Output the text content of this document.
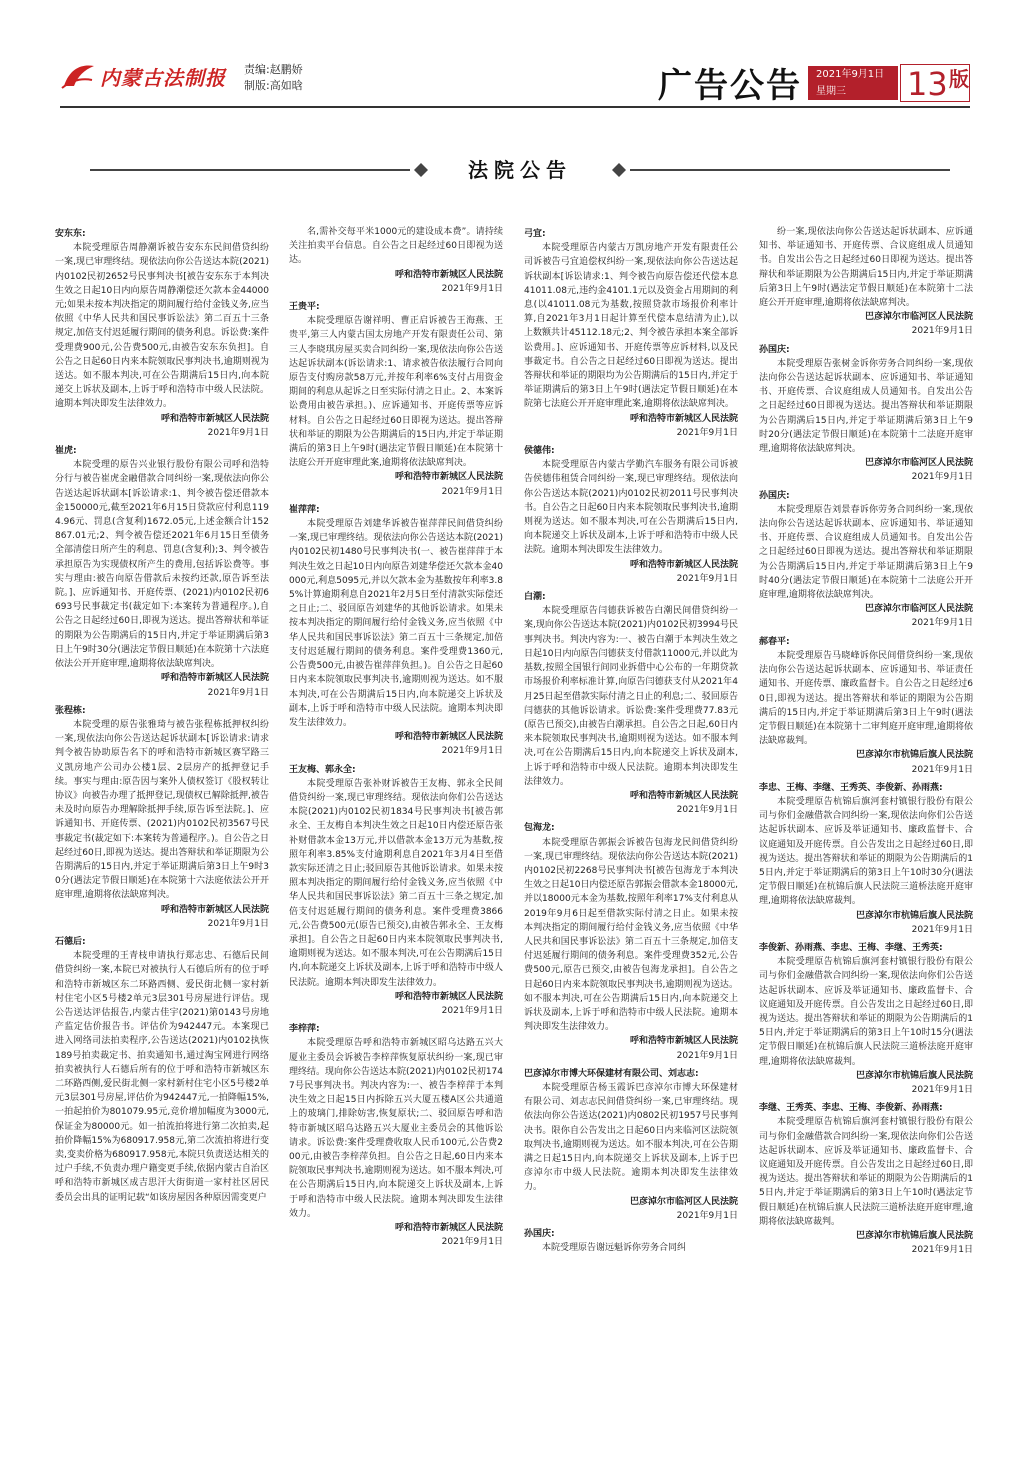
内蒙古法制报 责编:赵鹏娇
制版:高如晗	广告公告 2021年9月1日
星期三	13 版
法院公告
安东东:

本院受理原告周静潮诉被告安东东民间借贷纠纷一案,现已审理终结。现依法向你公告送达本院(2021)内0102民初2652号民事判决书[被告安东东于本判决生效之日起10日内向原告周静潮偿还欠款本金44000元;如果未按本判决指定的期间履行给付金钱义务,应当依照《中华人民共和国民事诉讼法》第二百五十三条规定,加倍支付迟延履行期间的债务利息。诉讼费:案件受理费900元,公告费500元,由被告安东东负担]。自公告之日起60日内来本院领取民事判决书,逾期则视为送达。如不服本判决,可在公告期满后15日内,向本院递交上诉状及副本,上诉于呼和浩特市中级人民法院。逾期本判决即发生法律效力。

呼和浩特市新城区人民法院
2021年9月1日
崔虎:

本院受理的原告兴业银行股份有限公司呼和浩特分行与被告崔虎金融借款合同纠纷一案,现依法向你公告送达起诉状副本[诉讼请求:1、判令被告偿还借款本金150000元,截至2021年6月15日贷款应付利息1194.96元、罚息(含复利)1672.05元,上述金额合计152867.01元;2、判令被告偿还2021年6月15日至债务全部清偿日所产生的利息、罚息(含复利);3、判令被告承担原告为实现债权所产生的费用,包括诉讼费等。事实与理由:被告向原告借款后未按约还款,原告诉至法院。]、应诉通知书、开庭传票、(2021)内0102民初6693号民事裁定书(裁定如下:本案转为普通程序。),自公告之日起经过60日,即视为送达。提出答辩状和举证的期限为公告期满后的15日内,并定于举证期满后第3日上午9时30分(遇法定节假日顺延)在本院第十六法庭依法公开开庭审理,逾期将依法缺席判决。

呼和浩特市新城区人民法院
2021年9月1日
张程栋:

本院受理的原告张雅琦与被告张程栋抵押权纠纷一案,现依法向你公告送达起诉状副本[诉讼请求:请求判令被告协助原告名下的呼和浩特市新城区赛罕路三义凯房地产公司办公楼1层、2层房产的抵押登记手续。事实与理由:原告因与案外人债权签订《股权转让协议》向被告办理了抵押登记,现债权已解除抵押,被告未及时向原告办理解除抵押手续,原告诉至法院。]、应诉通知书、开庭传票、(2021)内0102民初3567号民事裁定书(裁定如下:本案转为普通程序。)。自公告之日起经过60日,即视为送达。提出答辩状和举证期限为公告期满后的15日内,并定于举证期满后第3日上午9时30分(遇法定节假日顺延)在本院第十六法庭依法公开开庭审理,逾期将依法缺席判决。

呼和浩特市新城区人民法院
2021年9月1日
石德后:

本院受理的王青枝申请执行郑志忠、石德后民间借贷纠纷一案,本院已对被执行人石德后所有的位于呼和浩特市新城区东二环路西侧、爱民街北侧一家村新村住宅小区5号楼2单元3层301号房屋进行评估。现公告送达评估报告,内蒙古佳宇(2021)第0143号房地产监定估价报告书。评估价为942447元。本案现已进入网络司法拍卖程序,公告送达(2021)内0102执恢189号拍卖裁定书、拍卖通知书,通过淘宝网进行网络拍卖被执行人石德后所有的位于呼和浩特市新城区东二环路西侧,爱民街北侧一家村新村住宅小区5号楼2单元3层301号房屋,评估价为942447元,一拍降幅15%,一拍起拍价为801079.95元,竞价增加幅度为3000元,保证金为80000元。如一拍流拍将进行第二次拍卖,起拍价降幅15%为680917.958元,第二次流拍将进行变卖,变卖价格为680917.958元,本院只负责送达相关的过户手续,不负责办理户籍变更手续,依据内蒙古自治区呼和浩特市新城区成吉思汗大街街道一家村社区居民委员会出具的证明记载“如该房屋因各种原因需变更户

名,需补交每平米1000元的建设成本费”。请持续关注拍卖平台信息。自公告之日起经过60日即视为送达。

呼和浩特市新城区人民法院
2021年9月1日
王贵平:

本院受理原告谢祥明、曹正启诉被告王海燕、王贵平,第三人内蒙古国太房地产开发有限责任公司、第三人李晓琪房屋买卖合同纠纷一案,现依法向你公告送达起诉状副本(诉讼请求:1、请求被告依法履行合同向原告支付购房款58万元,并按年利率6%支付占用资金期间的利息从起诉之日至实际付清之日止。2、本案诉讼费用由被告承担。)、应诉通知书、开庭传票等应诉材料。自公告之日起经过60日即视为送达。提出答辩状和举证的期限为公告期满后的15日内,并定于举证期满后的第3日上午9时(遇法定节假日顺延)在本院第十法庭公开开庭审理此案,逾期将依法缺席判决。

呼和浩特市新城区人民法院
2021年9月1日
崔萍萍:

本院受理原告刘建华诉被告崔萍萍民间借贷纠纷一案,现已审理终结。现依法向你公告送达本院(2021)内0102民初1480号民事判决书(一、被告崔萍萍于本判决生效之日起10日内向原告刘建华偿还欠款本金40000元,利息5095元,并以欠款本金为基数按年利率3.85%计算逾期利息自2021年2月5日至付清款实际偿还之日止;二、驳回原告刘建华的其他诉讼请求。如果未按本判决指定的期间履行给付金钱义务,应当依照《中华人民共和国民事诉讼法》第二百五十三条规定,加倍支付迟延履行期间的债务利息。案件受理费1360元,公告费500元,由被告崔萍萍负担。)。自公告之日起60日内来本院领取民事判决书,逾期则视为送达。如不服本判决,可在公告期满后15日内,向本院递交上诉状及副本,上诉于呼和浩特市中级人民法院。逾期本判决即发生法律效力。

呼和浩特市新城区人民法院
2021年9月1日
王友梅、郭永全:

本院受理原告张补财诉被告王友梅、郭永全民间借贷纠纷一案,现已审理终结。现依法向你们公告送达本院(2021)内0102民初1834号民事判决书[被告郭永全、王友梅自本判决生效之日起10日内偿还原告张补财借款本金13万元,并以借款本金13万元为基数,按照年利率3.85%支付逾期利息自2021年3月4日至借款实际还清之日止;驳回原告其他诉讼请求。如果未按照本判决指定的期间履行给付金钱义务,应当依照《中华人民共和国民事诉讼法》第二百五十三条之规定,加倍支付迟延履行期间的债务利息。案件受理费3866元,公告费500元(原告已预交),由被告郭永全、王友梅承担]。自公告之日起60日内来本院领取民事判决书,逾期则视为送达。如不服本判决,可在公告期满后15日内,向本院递交上诉状及副本,上诉于呼和浩特市中级人民法院。逾期本判决即发生法律效力。

呼和浩特市新城区人民法院
2021年9月1日
李梓萍:

本院受理原告呼和浩特市新城区昭乌达路五兴大厦业主委员会诉被告李梓萍恢复原状纠纷一案,现已审理终结。现向你公告送达本院(2021)内0102民初1747号民事判决书。判决内容为:一、被告李梓萍于本判决生效之日起15日内拆除五兴大厦五楼A区公共通道上的玻璃门,排除妨害,恢复原状;二、驳回原告呼和浩特市新城区昭乌达路五兴大厦业主委员会的其他诉讼请求。诉讼费:案件受理费收取人民币100元,公告费200元,由被告李梓萍负担。自公告之日起,60日内来本院领取民事判决书,逾期则视为送达。如不服本判决,可在公告期满后15日内,向本院递交上诉状及副本,上诉于呼和浩特市中级人民法院。逾期本判决即发生法律效力。

呼和浩特市新城区人民法院
2021年9月1日
弓宜:

本院受理原告内蒙古万凯房地产开发有限责任公司诉被告弓宜追偿权纠纷一案,现依法向你公告送达起诉状副本[诉讼请求:1、判令被告向原告偿还代偿本息41011.08元,违约金4101.1元以及资金占用期间的利息(以41011.08元为基数,按照贷款市场报价利率计算,自2021年3月1日起计算至代偿本息结清为止),以上数额共计45112.18元;2、判令被告承担本案全部诉讼费用。]、应诉通知书、开庭传票等应诉材料,以及民事裁定书。自公告之日起经过60日即视为送达。提出答辩状和举证的期限均为公告期满后的15日内,并定于举证期满后的第3日上午9时(遇法定节假日顺延)在本院第七法庭公开开庭审理此案,逾期将依法缺席判决。

呼和浩特市新城区人民法院
2021年9月1日
侯德伟:

本院受理原告内蒙古学勤汽车服务有限公司诉被告侯德伟租赁合同纠纷一案,现已审理终结。现依法向你公告送达本院(2021)内0102民初2011号民事判决书。自公告之日起60日内来本院领取民事判决书,逾期则视为送达。如不服本判决,可在公告期满后15日内,向本院递交上诉状及副本,上诉于呼和浩特市中级人民法院。逾期本判决即发生法律效力。

呼和浩特市新城区人民法院
2021年9月1日
白潮:

本院受理原告闫德获诉被告白潮民间借贷纠纷一案,现向你公告送达本院(2021)内0102民初3994号民事判决书。判决内容为:一、被告白潮于本判决生效之日起10日内向原告闫德获支付借款11000元,并以此为基数,按照全国银行间同业拆借中心公布的一年期贷款市场报价利率标准计算,向原告闫德获支付从2021年4月25日起至借款实际付清之日止的利息;二、驳回原告闫德获的其他诉讼请求。诉讼费:案件受理费77.83元(原告已预交),由被告白潮承担。自公告之日起,60日内来本院领取民事判决书,逾期则视为送达。如不服本判决,可在公告期满后15日内,向本院递交上诉状及副本,上诉于呼和浩特市中级人民法院。逾期本判决即发生法律效力。

呼和浩特市新城区人民法院
2021年9月1日
包海龙:

本院受理原告郭振会诉被告包海龙民间借贷纠纷一案,现已审理终结。现依法向你公告送达本院(2021)内0102民初2268号民事判决书[被告包海龙于本判决生效之日起10日内偿还原告郭振会借款本金18000元,并以18000元本金为基数,按照年利率17%支付利息从2019年9月6日起至借款实际付清之日止。如果未按本判决指定的期间履行给付金钱义务,应当依照《中华人民共和国民事诉讼法》第二百五十三条规定,加倍支付迟延履行期间的债务利息。案件受理费352元,公告费500元,原告已预交,由被告包海龙承担]。自公告之日起60日内来本院领取民事判决书,逾期则视为送达。如不服本判决,可在公告期满后15日内,向本院递交上诉状及副本,上诉于呼和浩特市中级人民法院。逾期本判决即发生法律效力。

呼和浩特市新城区人民法院
2021年9月1日
巴彦淖尔市博大环保建材有限公司、刘志志:

本院受理原告杨玉霞诉巴彦淖尔市博大环保建材有限公司、刘志志民间借贷纠纷一案,已审理终结。现依法向你公告送达(2021)内0802民初1957号民事判决书。限你自公告发出之日起60日内来临河区法院领取判决书,逾期则视为送达。如不服本判决,可在公告期满之日起15日内,向本院递交上诉状及副本,上诉于巴彦淖尔市中级人民法院。逾期本判决即发生法律效力。

巴彦淖尔市临河区人民法院
2021年9月1日
孙国庆:

本院受理原告谢远魁诉你劳务合同纠

纷一案,现依法向你公告送达起诉状副本、应诉通知书、举证通知书、开庭传票、合议庭组成人员通知书。自发出公告之日起经过60日即视为送达。提出答辩状和举证期限为公告期满后15日内,并定于举证期满后第3日上午9时(遇法定节假日顺延)在本院第十二法庭公开开庭审理,逾期将依法缺席判决。

巴彦淖尔市临河区人民法院
2021年9月1日
孙国庆:

本院受理原告张树金诉你劳务合同纠纷一案,现依法向你公告送达起诉状副本、应诉通知书、举证通知书、开庭传票、合议庭组成人员通知书。自发出公告之日起经过60日即视为送达。提出答辩状和举证期限为公告期满后15日内,并定于举证期满后第3日上午9时20分(遇法定节假日顺延)在本院第十二法庭开庭审理,逾期将依法缺席判决。

巴彦淖尔市临河区人民法院
2021年9月1日
孙国庆:

本院受理原告刘景春诉你劳务合同纠纷一案,现依法向你公告送达起诉状副本、应诉通知书、举证通知书、开庭传票、合议庭组成人员通知书。自发出公告之日起经过60日即视为送达。提出答辩状和举证期限为公告期满后15日内,并定于举证期满后第3日上午9时40分(遇法定节假日顺延)在本院第十二法庭公开开庭审理,逾期将依法缺席判决。

巴彦淖尔市临河区人民法院
2021年9月1日
郝春平:

本院受理原告马晓峰诉你民间借贷纠纷一案,现依法向你公告送达起诉状副本、应诉通知书、举证责任通知书、开庭传票、廉政监督卡。自公告之日起经过60日,即视为送达。提出答辩状和举证的期限为公告期满后的15日内,并定于举证期满后第3日上午9时(遇法定节假日顺延)在本院第十二审判庭开庭审理,逾期将依法缺席裁判。

巴彦淖尔市杭锦后旗人民法院
2021年9月1日
李忠、王梅、李继、王秀英、李俊新、孙雨燕:

本院受理原告杭锦后旗河套村镇银行股份有限公司与你们金融借款合同纠纷一案,现依法向你们公告送达起诉状副本、应诉及举证通知书、廉政监督卡、合议庭通知及开庭传票。自公告发出之日起经过60日,即视为送达。提出答辩状和举证的期限为公告期满后的15日内,并定于举证期满后的第3日上午10时30分(遇法定节假日顺延)在杭锦后旗人民法院三道桥法庭开庭审理,逾期将依法缺席裁判。

巴彦淖尔市杭锦后旗人民法院
2021年9月1日
李俊新、孙雨燕、李忠、王梅、李继、王秀英:

本院受理原告杭锦后旗河套村镇银行股份有限公司与你们金融借款合同纠纷一案,现依法向你们公告送达起诉状副本、应诉及举证通知书、廉政监督卡、合议庭通知及开庭传票。自公告发出之日起经过60日,即视为送达。提出答辩状和举证的期限为公告期满后的15日内,并定于举证期满后的第3日上午10时15分(遇法定节假日顺延)在杭锦后旗人民法院三道桥法庭开庭审理,逾期将依法缺席裁判。

巴彦淖尔市杭锦后旗人民法院
2021年9月1日
李继、王秀英、李忠、王梅、李俊新、孙雨燕:

本院受理原告杭锦后旗河套村镇银行股份有限公司与你们金融借款合同纠纷一案,现依法向你们公告送达起诉状副本、应诉及举证通知书、廉政监督卡、合议庭通知及开庭传票。自公告发出之日起经过60日,即视为送达。提出答辩状和举证的期限为公告期满后的15日内,并定于举证期满后的第3日上午10时(遇法定节假日顺延)在杭锦后旗人民法院三道桥法庭开庭审理,逾期将依法缺席裁判。

巴彦淖尔市杭锦后旗人民法院
2021年9月1日
